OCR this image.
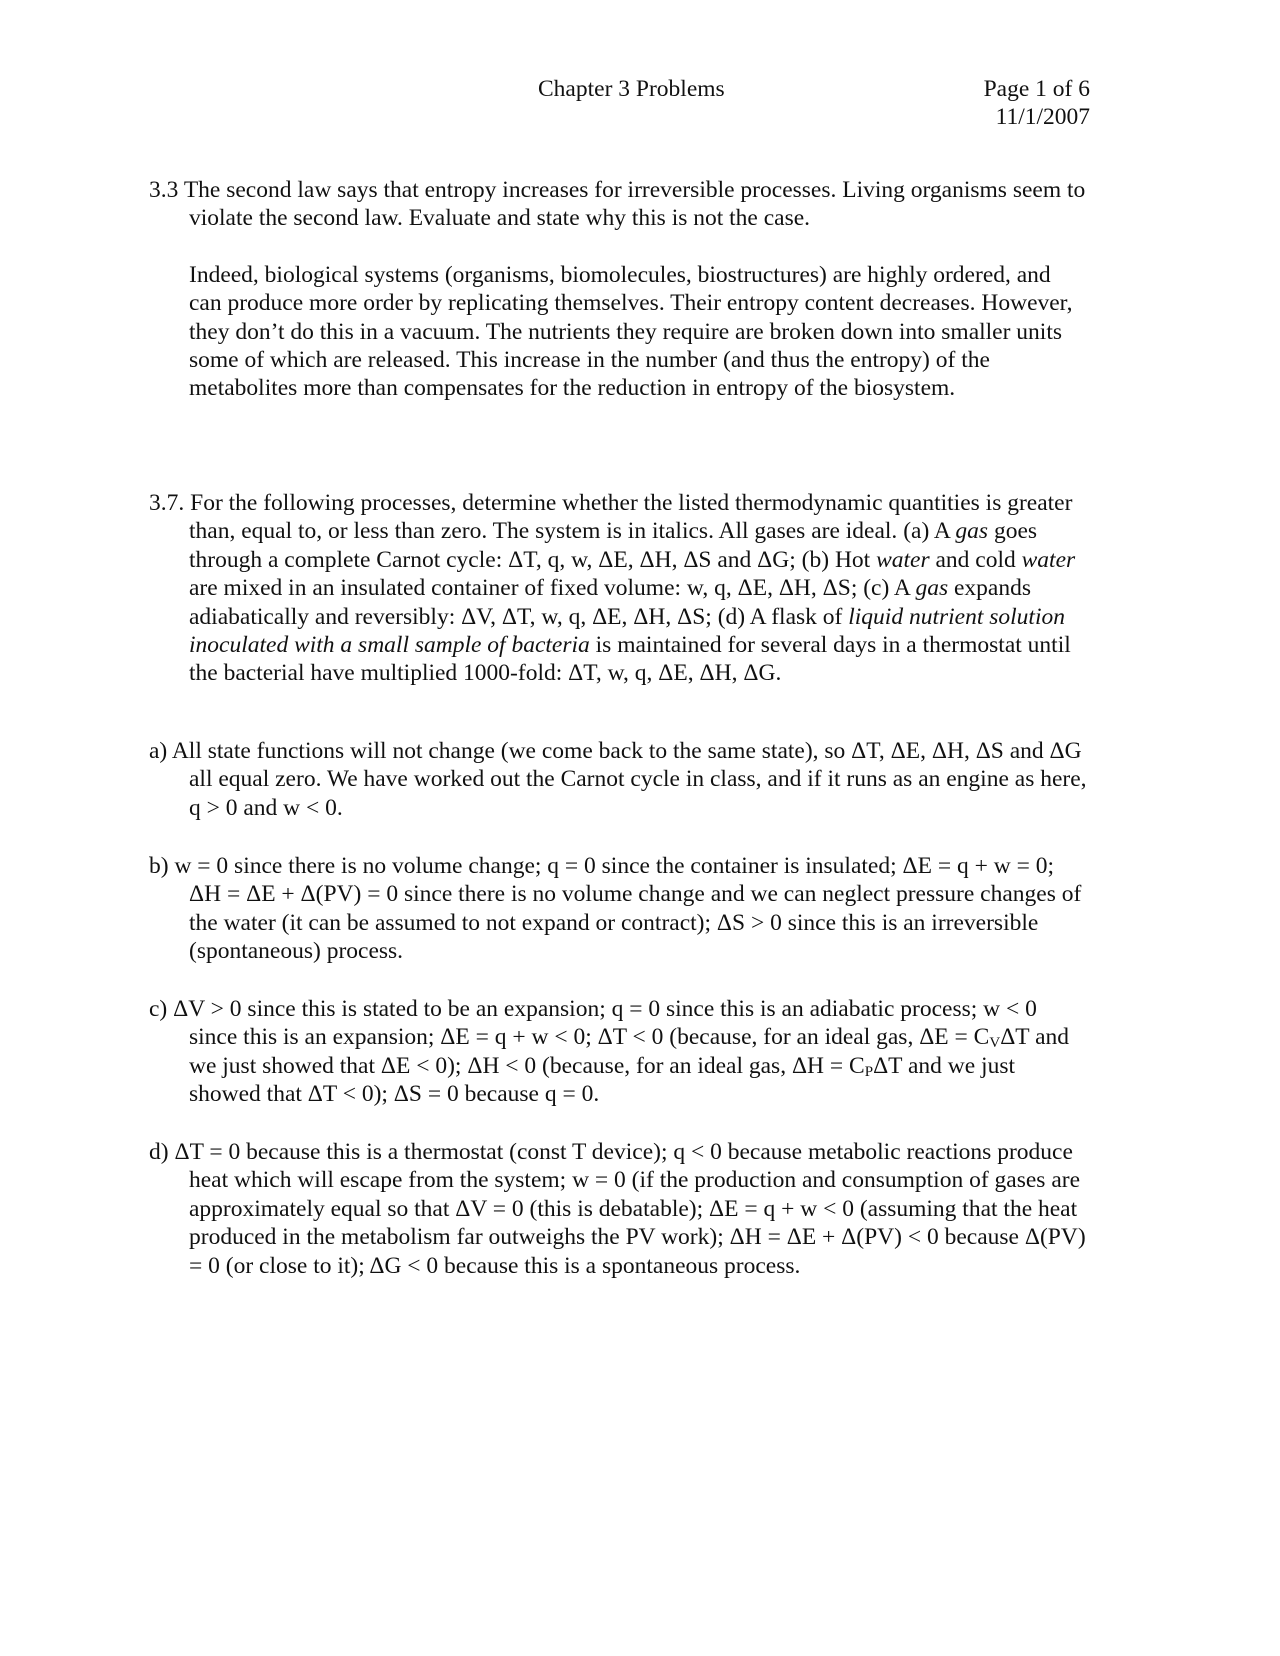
Chapter 3 Problems	Page 1 of 6
11/1/2007

3.3 The second law says that entropy increases for irreversible processes. Living organisms seem to violate the second law. Evaluate and state why this is not the case.

Indeed, biological systems (organisms, biomolecules, biostructures) are highly ordered, and can produce more order by replicating themselves. Their entropy content decreases. However, they don’t do this in a vacuum. The nutrients they require are broken down into smaller units some of which are released. This increase in the number (and thus the entropy) of the metabolites more than compensates for the reduction in entropy of the biosystem.

3.7. For the following processes, determine whether the listed thermodynamic quantities is greater than, equal to, or less than zero. The system is in italics. All gases are ideal. (a) A gas goes through a complete Carnot cycle: ΔT, q, w, ΔE, ΔH, ΔS and ΔG; (b) Hot water and cold water are mixed in an insulated container of fixed volume: w, q, ΔE, ΔH, ΔS; (c) A gas expands adiabatically and reversibly: ΔV, ΔT, w, q, ΔE, ΔH, ΔS; (d) A flask of liquid nutrient solution inoculated with a small sample of bacteria is maintained for several days in a thermostat until the bacterial have multiplied 1000-fold: ΔT, w, q, ΔE, ΔH, ΔG.

a) All state functions will not change (we come back to the same state), so ΔT, ΔE, ΔH, ΔS and ΔG all equal zero. We have worked out the Carnot cycle in class, and if it runs as an engine as here, q > 0 and w < 0.

b) w = 0 since there is no volume change; q = 0 since the container is insulated; ΔE = q + w = 0; ΔH = ΔE + Δ(PV) = 0 since there is no volume change and we can neglect pressure changes of the water (it can be assumed to not expand or contract); ΔS > 0 since this is an irreversible (spontaneous) process.

c) ΔV > 0 since this is stated to be an expansion; q = 0 since this is an adiabatic process; w < 0 since this is an expansion; ΔE = q + w < 0; ΔT < 0 (because, for an ideal gas, $\Delta E = C_V\Delta T$ and we just showed that ΔE < 0); ΔH < 0 (because, for an ideal gas, $\Delta H = C_P\Delta T$ and we just showed that ΔT < 0); ΔS = 0 because q = 0.

d) ΔT = 0 because this is a thermostat (const T device); q < 0 because metabolic reactions produce heat which will escape from the system; w = 0 (if the production and consumption of gases are approximately equal so that ΔV = 0 (this is debatable); ΔE = q + w < 0 (assuming that the heat produced in the metabolism far outweighs the PV work); ΔH = ΔE + Δ(PV) < 0 because Δ(PV) = 0 (or close to it); ΔG < 0 because this is a spontaneous process.
